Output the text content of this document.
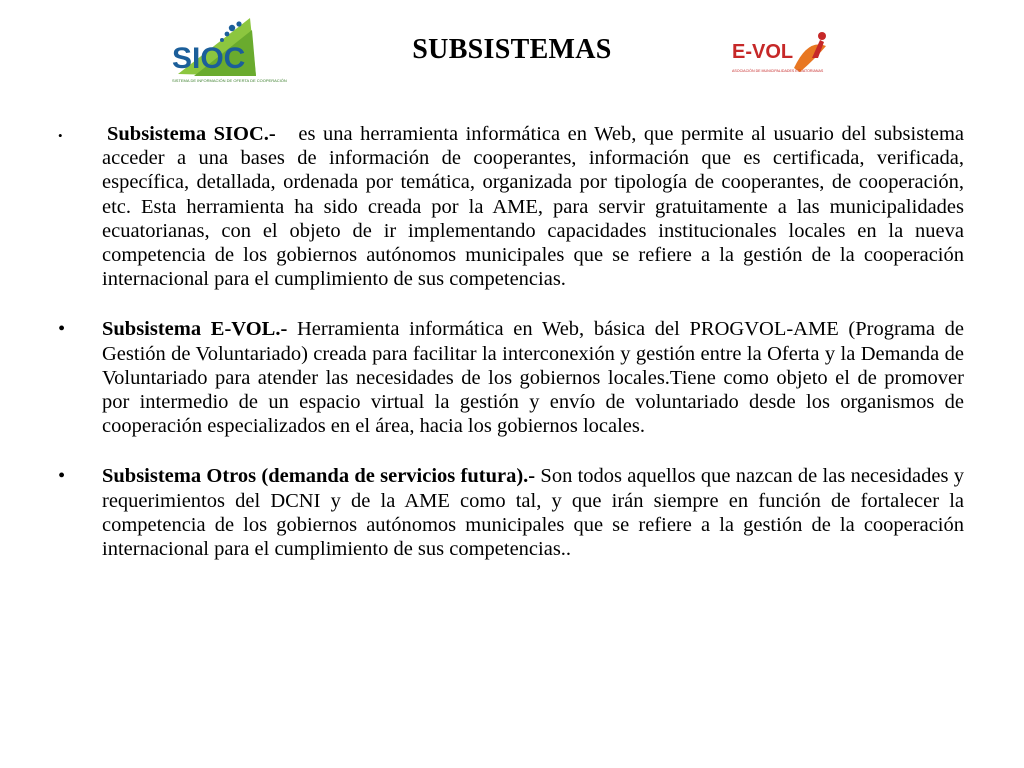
SIOC
SISTEMA DE INFORMACIÓN DE OFERTA DE COOPERACIÓN
SUBSISTEMAS	E-VOL
ASOCIACIÓN DE MUNICIPALIDADES ECUATORIANAS
•	Subsistema SIOC.- es una herramienta informática en Web, que permite al usuario del subsistema acceder a una bases de información de cooperantes, información que es certificada, verificada, específica, detallada, ordenada por temática, organizada por tipología de cooperantes, de cooperación, etc. Esta herramienta ha sido creada por la AME, para servir gratuitamente a las municipalidades ecuatorianas, con el objeto de ir implementando capacidades institucionales locales en la nueva competencia de los gobiernos autónomos municipales que se refiere a la gestión de la cooperación internacional para el cumplimiento de sus competencias.
•	Subsistema E-VOL.- Herramienta informática en Web, básica del PROGVOL-AME (Programa de Gestión de Voluntariado) creada para facilitar la interconexión y gestión entre la Oferta y la Demanda de Voluntariado para atender las necesidades de los gobiernos locales.Tiene como objeto el de promover por intermedio de un espacio virtual la gestión y envío de voluntariado desde los organismos de cooperación especializados en el área, hacia los gobiernos locales.
•	Subsistema Otros (demanda de servicios futura).- Son todos aquellos que nazcan de las necesidades y requerimientos del DCNI y de la AME como tal, y que irán siempre en función de fortalecer la competencia de los gobiernos autónomos municipales que se refiere a la gestión de la cooperación internacional para el cumplimiento de sus competencias..
